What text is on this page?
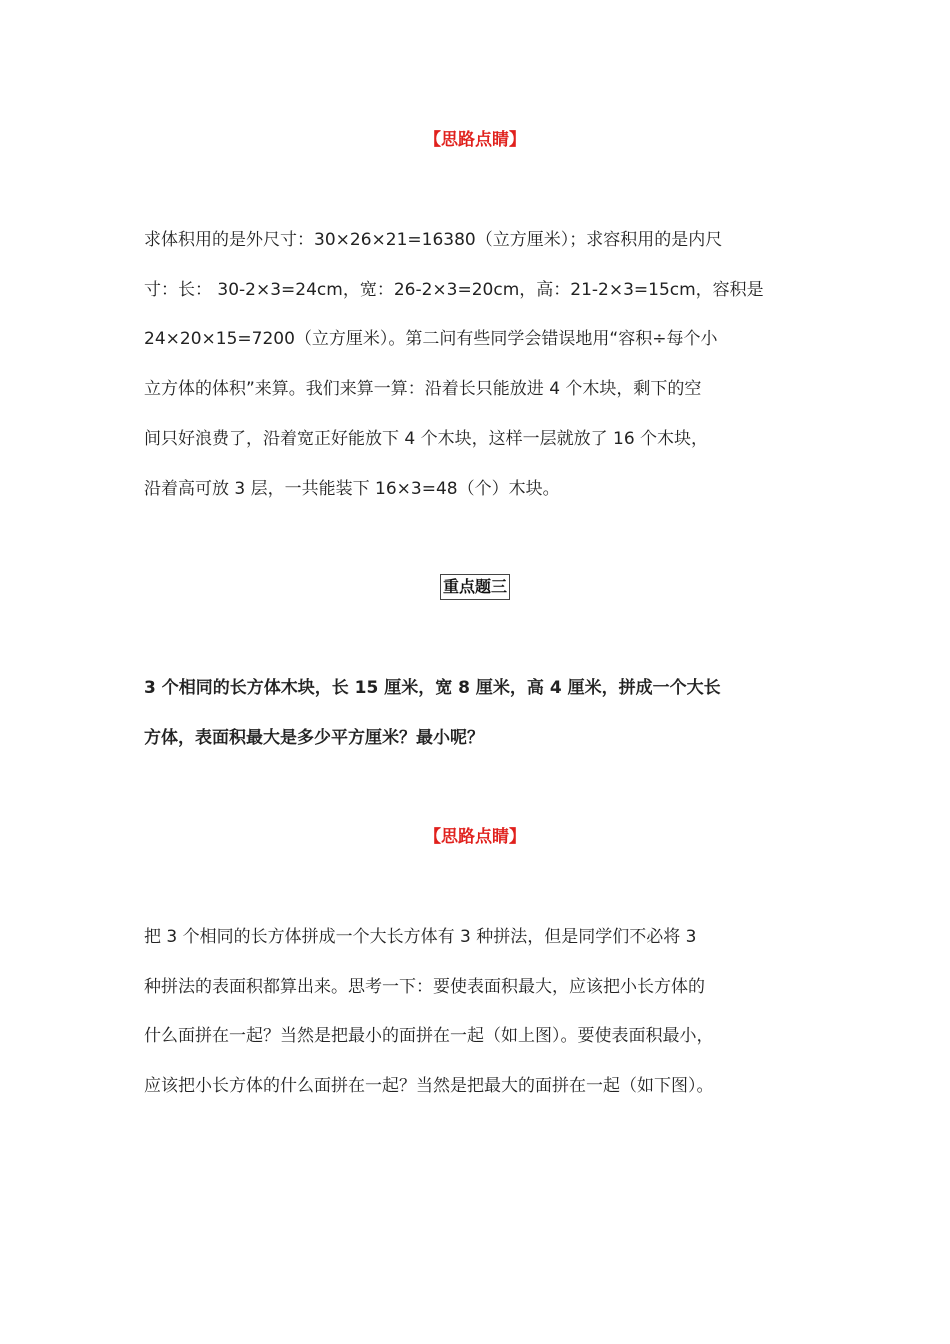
【思路点睛】
求体积用的是外尺寸：30×26×21=16380（立方厘米）；求容积用的是内尺
寸：长： 30-2×3=24cm，宽：26-2×3=20cm，高：21-2×3=15cm，容积是
24×20×15=7200（立方厘米）。第二问有些同学会错误地用“容积÷每个小
立方体的体积”来算。我们来算一算：沿着长只能放进 4 个木块，剩下的空
间只好浪费了，沿着宽正好能放下 4 个木块，这样一层就放了 16 个木块，
沿着高可放 3 层，一共能装下 16×3=48（个）木块。
重点题三
3 个相同的长方体木块，长 15 厘米，宽 8 厘米，高 4 厘米，拼成一个大长
方体，表面积最大是多少平方厘米？最小呢？
【思路点睛】
把 3 个相同的长方体拼成一个大长方体有 3 种拼法，但是同学们不必将 3
种拼法的表面积都算出来。思考一下：要使表面积最大，应该把小长方体的
什么面拼在一起？当然是把最小的面拼在一起（如上图）。要使表面积最小，
应该把小长方体的什么面拼在一起？当然是把最大的面拼在一起（如下图）。
